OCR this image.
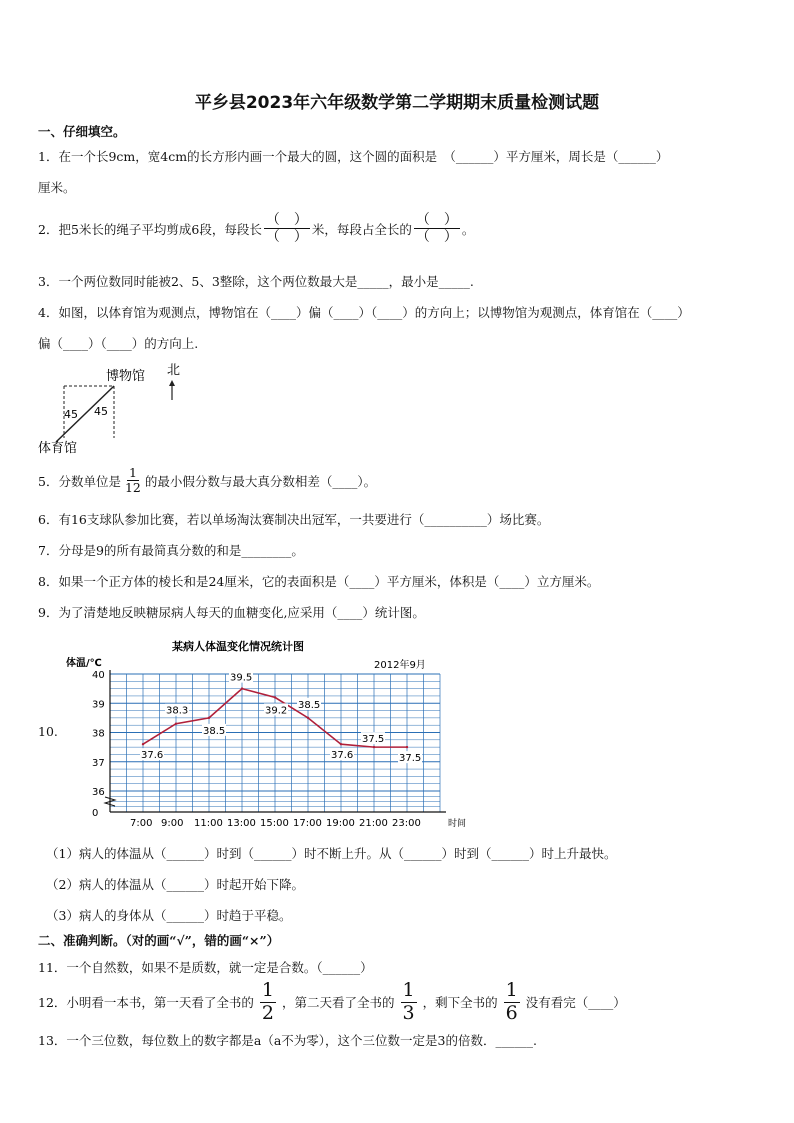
平乡县2023年六年级数学第二学期期末质量检测试题
一、仔细填空。
1．在一个长9cm，宽4cm的长方形内画一个最大的圆，这个圆的面积是　（______）平方厘米，周长是（______）
厘米。
2．把5米长的绳子平均剪成6段，每段长 $\frac{( )}{( )}$ 米，每段占全长的 $\frac{( )}{( )}$ 。
3．一个两位数同时能被2、5、3整除，这个两位数最大是_____，最小是_____.
4．如图，以体育馆为观测点，博物馆在（____）偏（____）（____）的方向上；以博物馆为观测点，体育馆在（____）
偏（____）（____）的方向上.
45 45
博物馆
体育馆
北
5．分数单位是 $\frac{1}{12}$ 的最小假分数与最大真分数相差（____）。
6．有16支球队参加比赛，若以单场淘汰赛制决出冠军，一共要进行（__________）场比赛。
7．分母是9的所有最简真分数的和是________。
8．如果一个正方体的棱长和是24厘米，它的表面积是（____）平方厘米，体积是（____）立方厘米。
9．为了清楚地反映糖尿病人每天的血糖变化,应采用（____）统计图。
10.
某病人体温变化情况统计图
2012年9月
体温/℃
0
36
37
38
39
40
7:00 9:00 11:00 13:00 15:00 17:00 19:00 21:00 23:00	时间
37.6
38.3
38.5
39.5
39.2
38.5
37.6
37.5
37.5
（1）病人的体温从（______）时到（______）时不断上升。从（______）时到（______）时上升最快。
（2）病人的体温从（______）时起开始下降。
（3）病人的身体从（______）时趋于平稳。
二、准确判断。（对的画“√”，错的画“×”）
11．一个自然数，如果不是质数，就一定是合数。（______）
12．小明看一本书，第一天看了全书的 $\frac{1}{2}$ ，第二天看了全书的 $\frac{1}{3}$ ，剩下全书的 $\frac{1}{6}$ 没有看完（____）
13．一个三位数，每位数上的数字都是a（a不为零），这个三位数一定是3的倍数．______.
